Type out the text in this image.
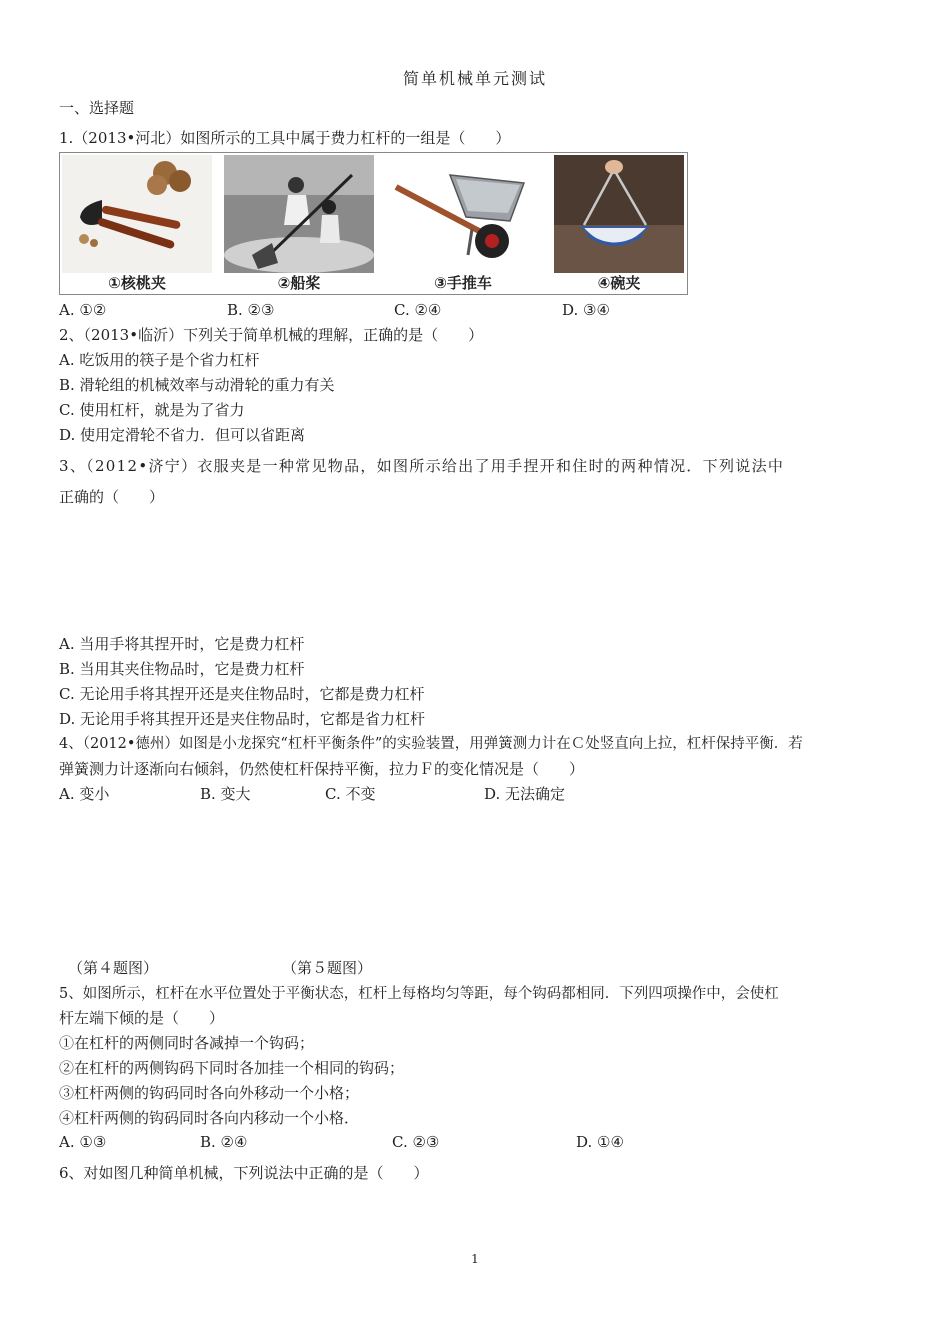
简单机械单元测试
一、选择题
1.（2013•河北）如图所示的工具中属于费力杠杆的一组是（　　）
①核桃夹	②船桨	③手推车	④碗夹
A. ①②	B. ②③	C. ②④	D. ③④
2、（2013•临沂）下列关于简单机械的理解，正确的是（　　）
A. 吃饭用的筷子是个省力杠杆
B. 滑轮组的机械效率与动滑轮的重力有关
C. 使用杠杆，就是为了省力
D. 使用定滑轮不省力．但可以省距离
3、（2012•济宁）衣服夹是一种常见物品，如图所示给出了用手捏开和住时的两种情况．下列说法中
正确的（　　）
A. 当用手将其捏开时，它是费力杠杆
B. 当用其夹住物品时，它是费力杠杆
C. 无论用手将其捏开还是夹住物品时，它都是费力杠杆
D. 无论用手将其捏开还是夹住物品时，它都是省力杠杆
4、（2012•德州）如图是小龙探究“杠杆平衡条件”的实验装置，用弹簧测力计在Ｃ处竖直向上拉，杠杆保持平衡．若
弹簧测力计逐渐向右倾斜，仍然使杠杆保持平衡，拉力Ｆ的变化情况是（　　）
A. 变小	B. 变大	C. 不变	D. 无法确定
（第４题图）	（第５题图）
5、如图所示，杠杆在水平位置处于平衡状态，杠杆上每格均匀等距，每个钩码都相同．下列四项操作中，会使杠
杆左端下倾的是（　　）
①在杠杆的两侧同时各减掉一个钩码；
②在杠杆的两侧钩码下同时各加挂一个相同的钩码；
③杠杆两侧的钩码同时各向外移动一个小格；
④杠杆两侧的钩码同时各向内移动一个小格．
A. ①③	B. ②④	C. ②③	D. ①④
6、对如图几种简单机械，下列说法中正确的是（　　）
1
